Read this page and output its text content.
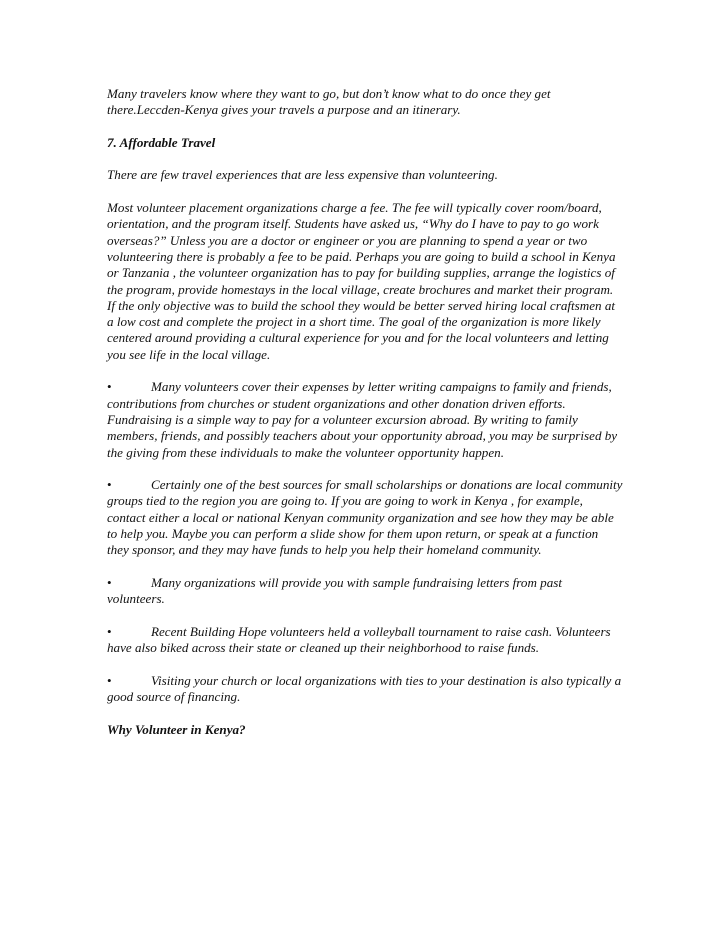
Many travelers know where they want to go, but don’t know what to do once they get there.Leccden-Kenya gives your travels a purpose and an itinerary.

7. Affordable Travel

There are few travel experiences that are less expensive than volunteering.

Most volunteer placement organizations charge a fee. The fee will typically cover room/board, orientation, and the program itself. Students have asked us, “Why do I have to pay to go work overseas?” Unless you are a doctor or engineer or you are planning to spend a year or two volunteering there is probably a fee to be paid. Perhaps you are going to build a school in Kenya or Tanzania , the volunteer organization has to pay for building supplies, arrange the logistics of the program, provide homestays in the local village, create brochures and market their program. If the only objective was to build the school they would be better served hiring local craftsmen at a low cost and complete the project in a short time. The goal of the organization is more likely centered around providing a cultural experience for you and for the local volunteers and letting you see life in the local village.

•	Many volunteers cover their expenses by letter writing campaigns to family and friends, contributions from churches or student organizations and other donation driven efforts. Fundraising is a simple way to pay for a volunteer excursion abroad. By writing to family members, friends, and possibly teachers about your opportunity abroad, you may be surprised by the giving from these individuals to make the volunteer opportunity happen.

•	Certainly one of the best sources for small scholarships or donations are local community groups tied to the region you are going to. If you are going to work in Kenya , for example, contact either a local or national Kenyan community organization and see how they may be able to help you. Maybe you can perform a slide show for them upon return, or speak at a function they sponsor, and they may have funds to help you help their homeland community.

•	Many organizations will provide you with sample fundraising letters from past volunteers.

•	Recent Building Hope volunteers held a volleyball tournament to raise cash. Volunteers have also biked across their state or cleaned up their neighborhood to raise funds.

•	Visiting your church or local organizations with ties to your destination is also typically a good source of financing.

Why Volunteer in Kenya?
